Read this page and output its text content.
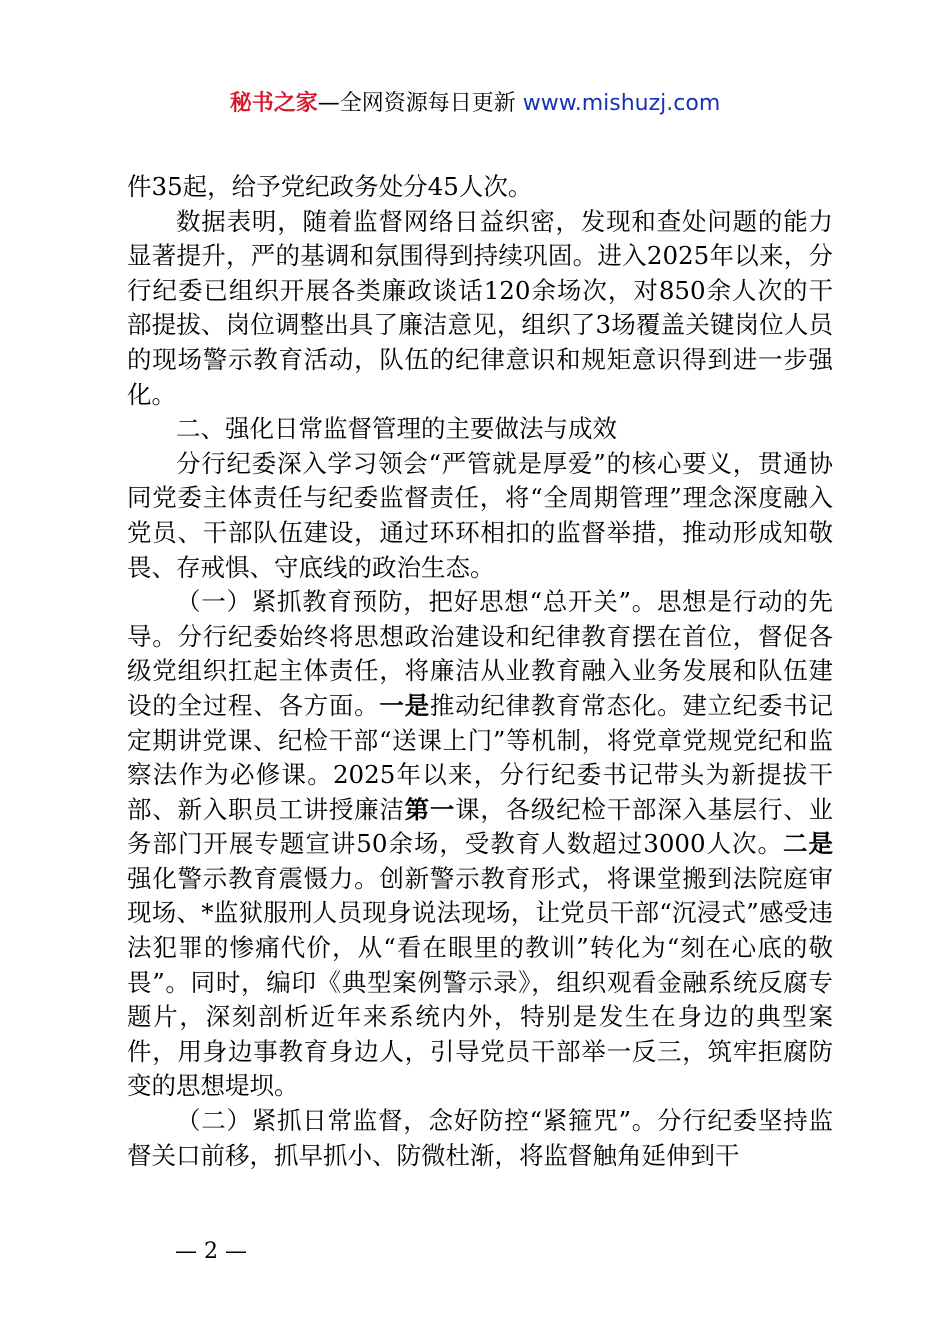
秘书之家—全网资源每日更新 www.mishuzj.com

件35起，给予党纪政务处分45人次。

数据表明，随着监督网络日益织密，发现和查处问题的能力显著提升，严的基调和氛围得到持续巩固。进入2025年以来，分行纪委已组织开展各类廉政谈话120余场次，对850余人次的干部提拔、岗位调整出具了廉洁意见，组织了3场覆盖关键岗位人员的现场警示教育活动，队伍的纪律意识和规矩意识得到进一步强化。

二、强化日常监督管理的主要做法与成效

分行纪委深入学习领会“严管就是厚爱”的核心要义，贯通协同党委主体责任与纪委监督责任，将“全周期管理”理念深度融入党员、干部队伍建设，通过环环相扣的监督举措，推动形成知敬畏、存戒惧、守底线的政治生态。

（一）紧抓教育预防，把好思想“总开关”。思想是行动的先导。分行纪委始终将思想政治建设和纪律教育摆在首位，督促各级党组织扛起主体责任，将廉洁从业教育融入业务发展和队伍建设的全过程、各方面。一是推动纪律教育常态化。建立纪委书记定期讲党课、纪检干部“送课上门”等机制，将党章党规党纪和监察法作为必修课。2025年以来，分行纪委书记带头为新提拔干部、新入职员工讲授廉洁第一课，各级纪检干部深入基层行、业务部门开展专题宣讲50余场，受教育人数超过3000人次。二是强化警示教育震慑力。创新警示教育形式，将课堂搬到法院庭审现场、*监狱服刑人员现身说法现场，让党员干部“沉浸式”感受违法犯罪的惨痛代价，从“看在眼里的教训”转化为“刻在心底的敬畏”。同时，编印《典型案例警示录》，组织观看金融系统反腐专题片，深刻剖析近年来系统内外，特别是发生在身边的典型案件，用身边事教育身边人，引导党员干部举一反三，筑牢拒腐防变的思想堤坝。

（二）紧抓日常监督，念好防控“紧箍咒”。分行纪委坚持监督关口前移，抓早抓小、防微杜渐，将监督触角延伸到干

— 2 —
